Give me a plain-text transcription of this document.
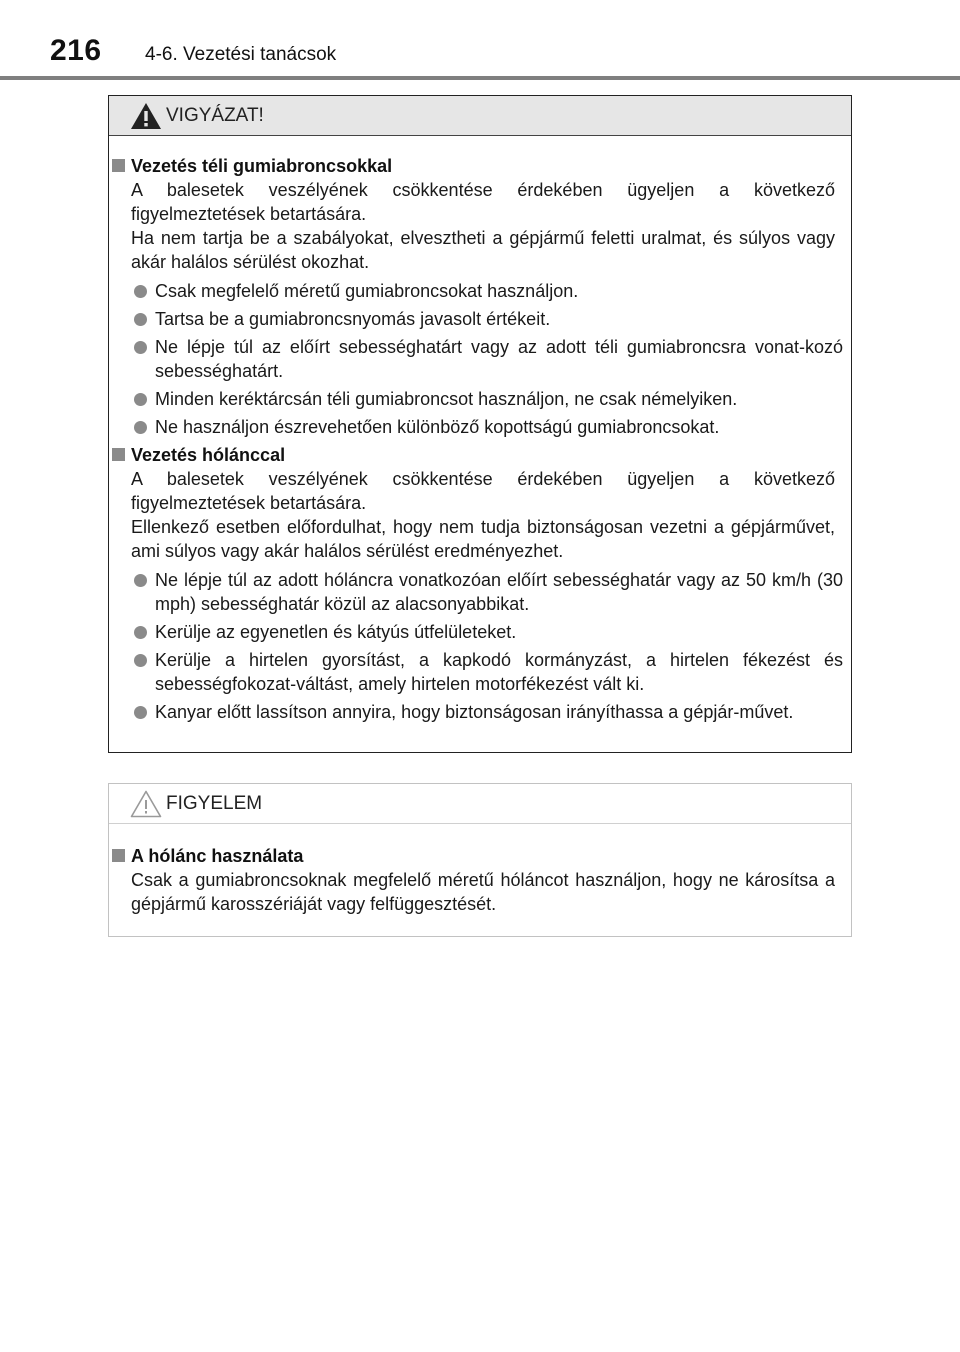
216 4-6. Vezetési tanácsok
VIGYÁZAT!
Vezetés téli gumiabroncsokkal

A balesetek veszélyének csökkentése érdekében ügyeljen a következő figyelmeztetések betartására.

Ha nem tartja be a szabályokat, elvesztheti a gépjármű feletti uralmat, és súlyos vagy akár halálos sérülést okozhat.

Csak megfelelő méretű gumiabroncsokat használjon.
Tartsa be a gumiabroncsnyomás javasolt értékeit.
Ne lépje túl az előírt sebességhatárt vagy az adott téli gumiabroncsra vonat-kozó sebességhatárt.
Minden keréktárcsán téli gumiabroncsot használjon, ne csak némelyiken.
Ne használjon észrevehetően különböző kopottságú gumiabroncsokat.
Vezetés hólánccal

A balesetek veszélyének csökkentése érdekében ügyeljen a következő figyelmeztetések betartására.

Ellenkező esetben előfordulhat, hogy nem tudja biztonságosan vezetni a gépjárművet, ami súlyos vagy akár halálos sérülést eredményezhet.

Ne lépje túl az adott hóláncra vonatkozóan előírt sebességhatár vagy az 50 km/h (30 mph) sebességhatár közül az alacsonyabbikat.
Kerülje az egyenetlen és kátyús útfelületeket.
Kerülje a hirtelen gyorsítást, a kapkodó kormányzást, a hirtelen fékezést és sebességfokozat-váltást, amely hirtelen motorfékezést vált ki.
Kanyar előtt lassítson annyira, hogy biztonságosan irányíthassa a gépjár-művet.
FIGYELEM
A hólánc használata

Csak a gumiabroncsoknak megfelelő méretű hóláncot használjon, hogy ne károsítsa a gépjármű karosszériáját vagy felfüggesztését.
